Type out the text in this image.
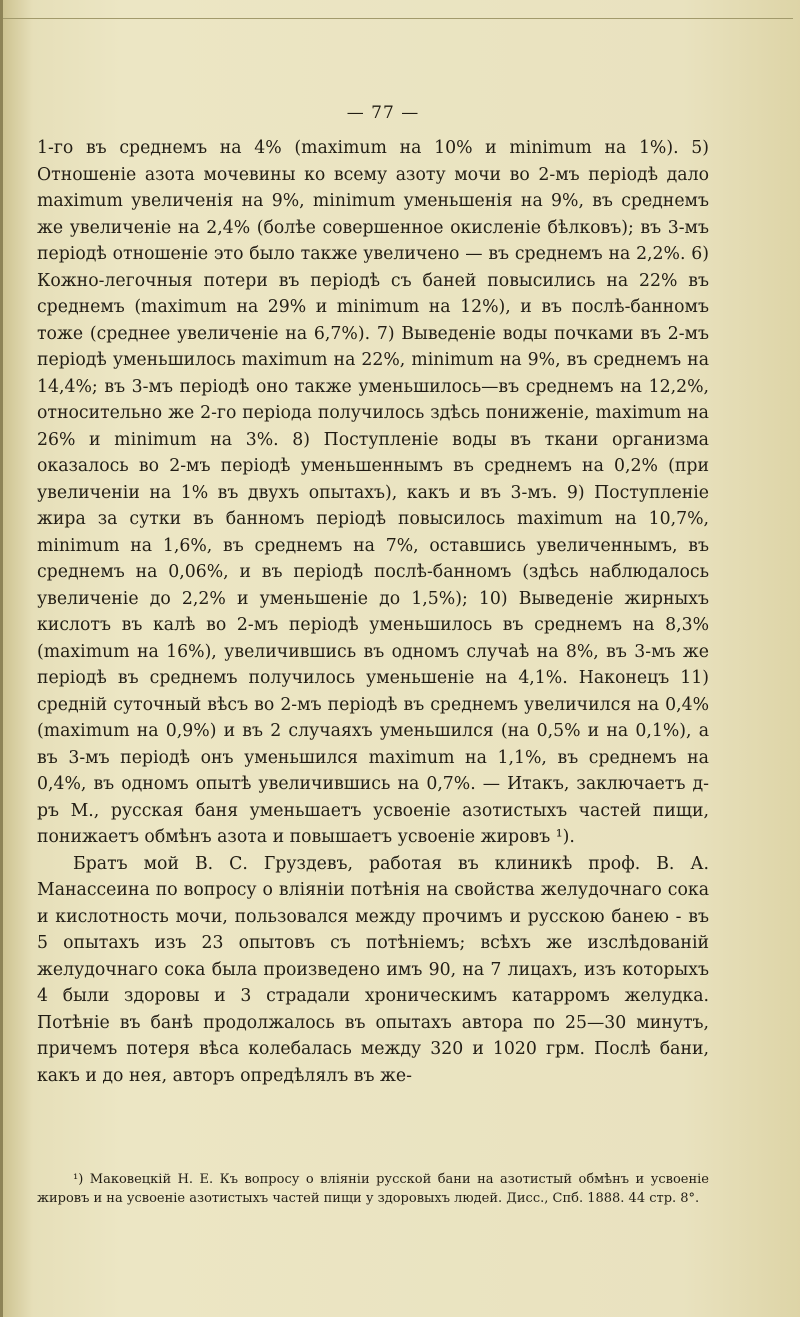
— 77 —

1-го въ среднемъ на 4% (maximum на 10% и minimum на 1%). 5) Отношеніе азота мочевины ко всему азоту мочи во 2-мъ періодѣ дало maximum увеличенія на 9%, minimum уменьшенія на 9%, въ среднемъ же увеличеніе на 2,4% (болѣе совершенное окисленіе бѣлковъ); въ 3-мъ періодѣ отношеніе это было также увеличено — въ среднемъ на 2,2%. 6) Кожно-легочныя потери въ періодѣ съ баней повысились на 22% въ среднемъ (maximum на 29% и minimum на 12%), и въ послѣ-банномъ тоже (среднее увеличеніе на 6,7%). 7) Выведеніе воды почками въ 2-мъ періодѣ уменьшилось maximum на 22%, minimum на 9%, въ среднемъ на 14,4%; въ 3-мъ періодѣ оно также уменьшилось—въ среднемъ на 12,2%, относительно же 2-го періода получилось здѣсь пониженіе, maximum на 26% и minimum на 3%. 8) Поступленіе воды въ ткани организма оказалось во 2-мъ періодѣ уменьшеннымъ въ среднемъ на 0,2% (при увеличеніи на 1% въ двухъ опытахъ), какъ и въ 3-мъ. 9) Поступленіе жира за сутки въ банномъ періодѣ повысилось maximum на 10,7%, minimum на 1,6%, въ среднемъ на 7%, оставшись увеличеннымъ, въ среднемъ на 0,06%, и въ періодѣ послѣ-банномъ (здѣсь наблюдалось увеличеніе до 2,2% и уменьшеніе до 1,5%); 10) Выведеніе жирныхъ кислотъ въ калѣ во 2-мъ періодѣ уменьшилось въ среднемъ на 8,3% (maximum на 16%), увеличившись въ одномъ случаѣ на 8%, въ 3-мъ же періодѣ въ среднемъ получилось уменьшеніе на 4,1%. Наконецъ 11) средній суточный вѣсъ во 2-мъ періодѣ въ среднемъ увеличился на 0,4% (maximum на 0,9%) и въ 2 случаяхъ уменьшился (на 0,5% и на 0,1%), а въ 3-мъ періодѣ онъ уменьшился maximum на 1,1%, въ среднемъ на 0,4%, въ одномъ опытѣ увеличившись на 0,7%. — Итакъ, заключаетъ д-ръ М., русская баня уменьшаетъ усвоеніе азотистыхъ частей пищи, понижаетъ обмѣнъ азота и повышаетъ усвоеніе жировъ ¹).

Братъ мой В. С. Груздевъ, работая въ клиникѣ проф. В. А. Манассеина по вопросу о вліяніи потѣнія на свойства желудочнаго сока и кислотность мочи, пользовался между прочимъ и русскою банею - въ 5 опытахъ изъ 23 опытовъ съ потѣніемъ; всѣхъ же изслѣдованій желудочнаго сока была произведено имъ 90, на 7 лицахъ, изъ которыхъ 4 были здоровы и 3 страдали хроническимъ катарромъ желудка. Потѣніе въ банѣ продолжалось въ опытахъ автора по 25—30 минутъ, причемъ потеря вѣса колебалась между 320 и 1020 грм. Послѣ бани, какъ и до нея, авторъ опредѣлялъ въ же-

¹) Маковецкій Н. Е. Къ вопросу о вліяніи русской бани на азотистый обмѣнъ и усвоеніе жировъ и на усвоеніе азотистыхъ частей пищи у здоровыхъ людей. Дисс., Спб. 1888. 44 стр. 8°.
